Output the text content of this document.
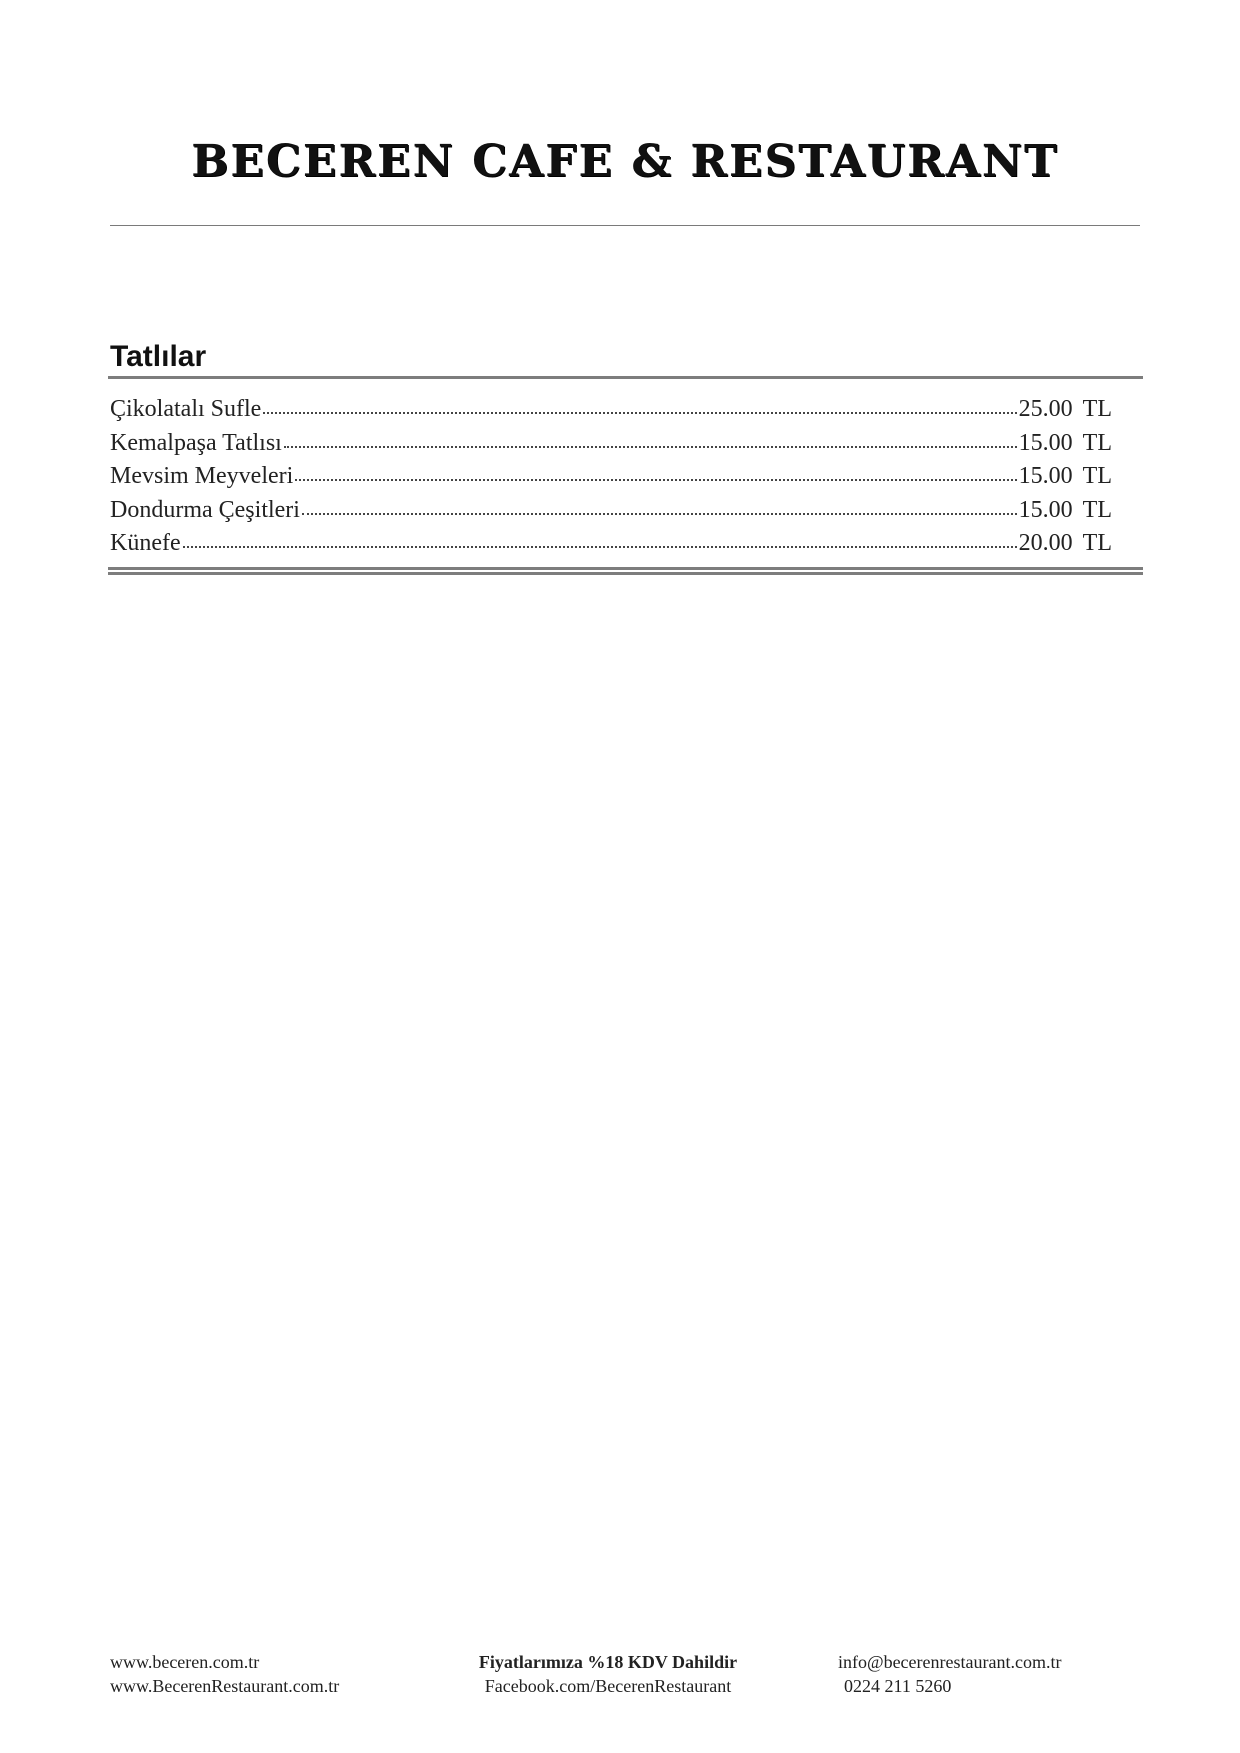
BECEREN CAFE & RESTAURANT
Tatlılar
Çikolatalı Sufle	25.00 TL
Kemalpaşa Tatlısı	15.00 TL
Mevsim Meyveleri	15.00 TL
Dondurma Çeşitleri	15.00 TL
Künefe	20.00 TL
www.beceren.com.tr
www.BecerenRestaurant.com.tr
Fiyatlarımıza %18 KDV Dahildir
Facebook.com/BecerenRestaurant
info@becerenrestaurant.com.tr
0224 211 5260
